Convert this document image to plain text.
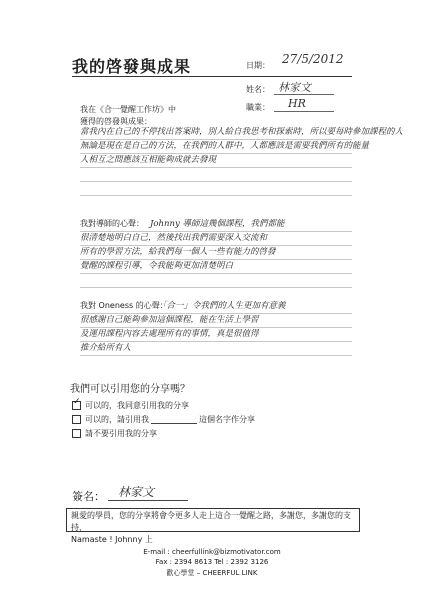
我的啓發與成果	日期： 27/5/2012
姓名： 林家文
職業： HR
我在《合一覺醒工作坊》中
獲得的啓發與成果：
當我內在自己的不停找出答案時，別人給自我思考和探索時，所以要每時參加課程的人
無論是現在是自己的方法，在我們的人群中，人都應該是需要我們所有的能量
人相互之間應該互相能夠成就去發現
我對導師的心聲： Johnny 導師這幾個課程，我們都能
很清楚地明白自己，然後找出我們需要深入交流和
所有的學習方法，給我們每一個人一些有能力的啓發
覺醒的課程引導，令我能夠更加清楚明白
我對 Oneness 的心聲：
「合一」令我們的人生更加有意義
很感謝自己能夠參加這個課程，能在生活上學習
及運用課程內容去處理所有的事情，真是很值得
推介給所有人
我們可以引用您的分享嗎？
✓ 可以的，我同意引用我的分享
可以的，請引用我	這個名字作分享
請不要引用我的分享
簽名： 林家文
親愛的學員，您的分享將會令更多人走上這合一覺醒之路，多謝您，多謝您的支持，
Namaste ! Johnny 上
E-mail : cheerfullink@bizmotivator.com
Fax : 2394 8613 Tel : 2392 3126
歡心學堂 – CHEERFUL LINK
